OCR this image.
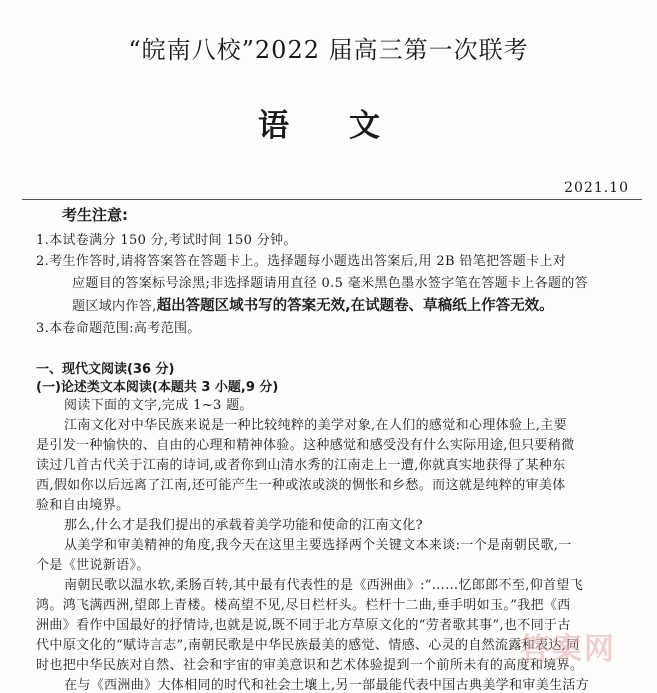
“皖南八校”2022 届高三第一次联考
语文
2021.10
考生注意:
1.本试卷满分 150 分,考试时间 150 分钟。
2.考生作答时,请将答案答在答题卡上。选择题每小题选出答案后,用 2B 铅笔把答题卡上对
应题目的答案标号涂黑;非选择题请用直径 0.5 毫米黑色墨水签字笔在答题卡上各题的答
题区域内作答,超出答题区域书写的答案无效,在试题卷、草稿纸上作答无效。
3.本卷命题范围:高考范围。
一、现代文阅读(36 分)
(一)论述类文本阅读(本题共 3 小题,9 分)
阅读下面的文字,完成 1~3 题。
江南文化对中华民族来说是一种比较纯粹的美学对象,在人们的感觉和心理体验上,主要
是引发一种愉快的、自由的心理和精神体验。这种感觉和感受没有什么实际用途,但只要稍微
读过几首古代关于江南的诗词,或者你到山清水秀的江南走上一遭,你就真实地获得了某种东
西,假如你以后远离了江南,还可能产生一种或浓或淡的惆怅和乡愁。而这就是纯粹的审美体
验和自由境界。
那么,什么才是我们提出的承载着美学功能和使命的江南文化?
从美学和审美精神的角度,我今天在这里主要选择两个关键文本来谈:一个是南朝民歌,一
个是《世说新语》。
南朝民歌以温水软,柔肠百转,其中最有代表性的是《西洲曲》:“……忆郎郎不至,仰首望飞
鸿。鸿飞满西洲,望郎上青楼。楼高望不见,尽日栏杆头。栏杆十二曲,垂手明如玉。”我把《西
洲曲》看作中国最好的抒情诗,也就是说,既不同于北方草原文化的“劳者歌其事”,也不同于古
代中原文化的“赋诗言志”,南朝民歌是中华民族最美的感觉、情感、心灵的自然流露和表达,同
时也把中华民族对自然、社会和宇宙的审美意识和艺术体验提到一个前所未有的高度和境界。
在与《西洲曲》大体相同的时代和社会土壤上,另一部最能代表中国古典美学和审美生活方
答案网
